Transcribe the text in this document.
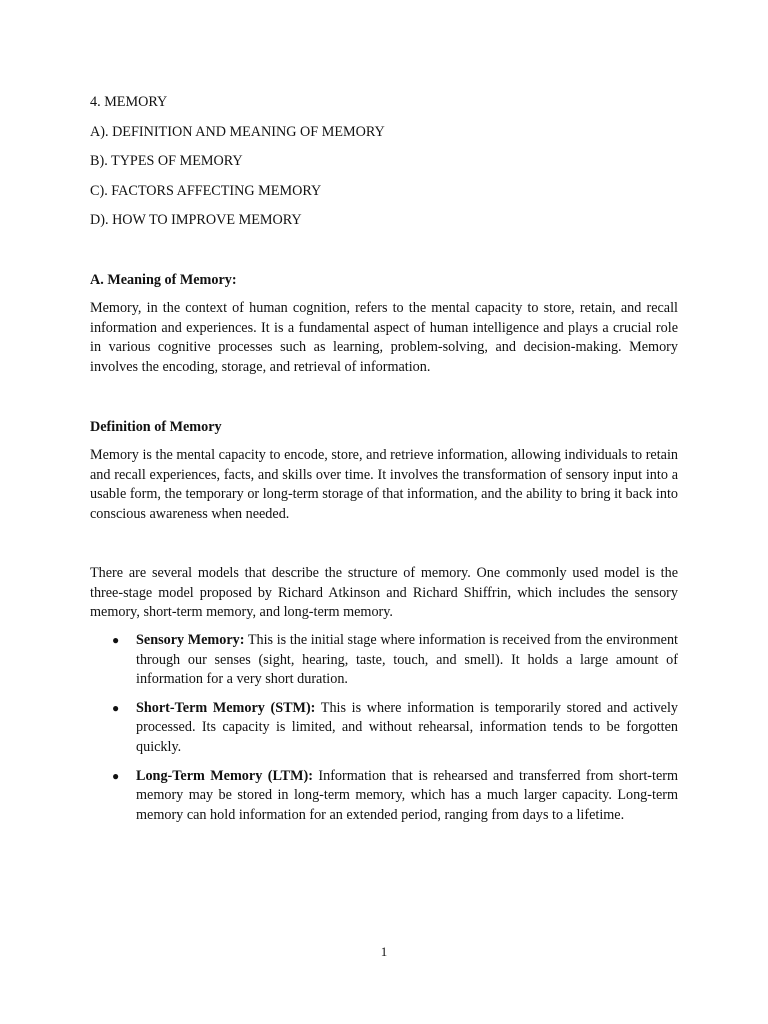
4. MEMORY

A). DEFINITION AND MEANING OF MEMORY

B). TYPES OF MEMORY

C). FACTORS AFFECTING MEMORY

D). HOW TO IMPROVE MEMORY

A. Meaning of Memory:

Memory, in the context of human cognition, refers to the mental capacity to store, retain, and recall information and experiences. It is a fundamental aspect of human intelligence and plays a crucial role in various cognitive processes such as learning, problem-solving, and decision-making. Memory involves the encoding, storage, and retrieval of information.

Definition of Memory

Memory is the mental capacity to encode, store, and retrieve information, allowing individuals to retain and recall experiences, facts, and skills over time. It involves the transformation of sensory input into a usable form, the temporary or long-term storage of that information, and the ability to bring it back into conscious awareness when needed.

There are several models that describe the structure of memory. One commonly used model is the three-stage model proposed by Richard Atkinson and Richard Shiffrin, which includes the sensory memory, short-term memory, and long-term memory.

● Sensory Memory: This is the initial stage where information is received from the environment through our senses (sight, hearing, taste, touch, and smell). It holds a large amount of information for a very short duration.
● Short-Term Memory (STM): This is where information is temporarily stored and actively processed. Its capacity is limited, and without rehearsal, information tends to be forgotten quickly.
● Long-Term Memory (LTM): Information that is rehearsed and transferred from short-term memory may be stored in long-term memory, which has a much larger capacity. Long-term memory can hold information for an extended period, ranging from days to a lifetime.
1
